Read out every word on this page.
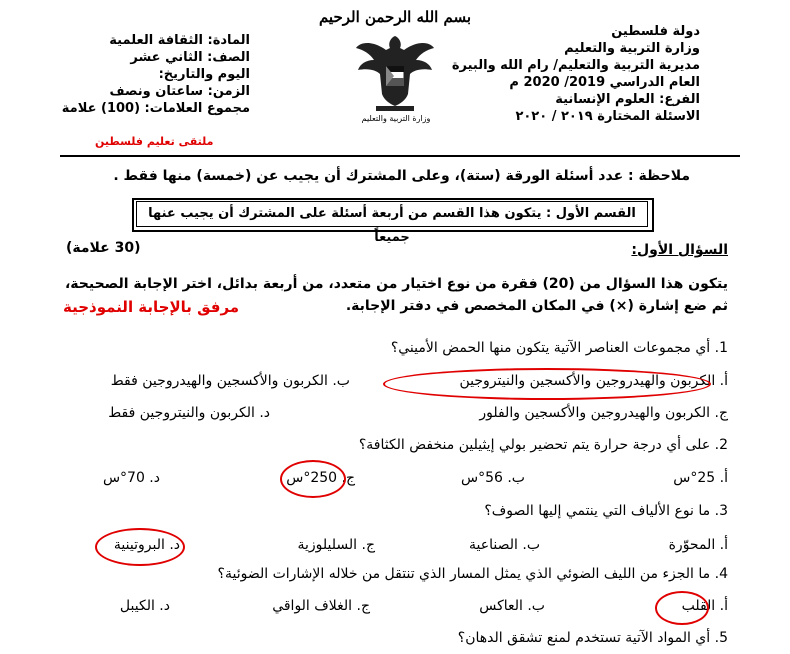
بسم الله الرحمن الرحيم
دولة فلسطين
وزارة التربية والتعليم
مديرية التربية والتعليم/ رام الله والبيرة
العام الدراسي 2019/ 2020 م
الفرع: العلوم الإنسانية
الاسئلة المختارة ٢٠١٩ / ٢٠٢٠
المادة: الثقافة العلمية
الصف: الثاني عشر
اليوم والتاريخ:
الزمن: ساعتان ونصف
مجموع العلامات: (100) علامة
وزارة التربية والتعليم
ملتقى تعليم فلسطين
ملاحظة : عدد أسئلة الورقة (ستة)، وعلى المشترك أن يجيب عن (خمسة) منها فقط .
القسم الأول : يتكون هذا القسم من أربعة أسئلة على المشترك أن يجيب عنها جميعاً
السؤال الأول:
(30 علامة)
يتكون هذا السؤال من (20) فقرة من نوع اختيار من متعدد، من أربعة بدائل، اختر الإجابة الصحيحة، ثم ضع إشارة (×) في المكان المخصص في دفتر الإجابة.
مرفق بالإجابة النموذجية
1. أي مجموعات العناصر الآتية يتكون منها الحمض الأميني؟
أ. الكربون والهيدروجين والأكسجين والنيتروجين
ب. الكربون والأكسجين والهيدروجين فقط
ج. الكربون والهيدروجين والأكسجين والفلور
د. الكربون والنيتروجين فقط
2. على أي درجة حرارة يتم تحضير بولي إيثيلين منخفض الكثافة؟
أ. 25°س
ب. 56°س
ج. 250°س
د. 70°س
3. ما نوع الألياف التي ينتمي إليها الصوف؟
أ. المحوّرة
ب. الصناعية
ج. السليلوزية
د. البروتينية
4. ما الجزء من الليف الضوئي الذي يمثل المسار الذي تنتقل من خلاله الإشارات الضوئية؟
أ. القلب
ب. العاكس
ج. الغلاف الواقي
د. الكيبل
5. أي المواد الآتية تستخدم لمنع تشقق الدهان؟
